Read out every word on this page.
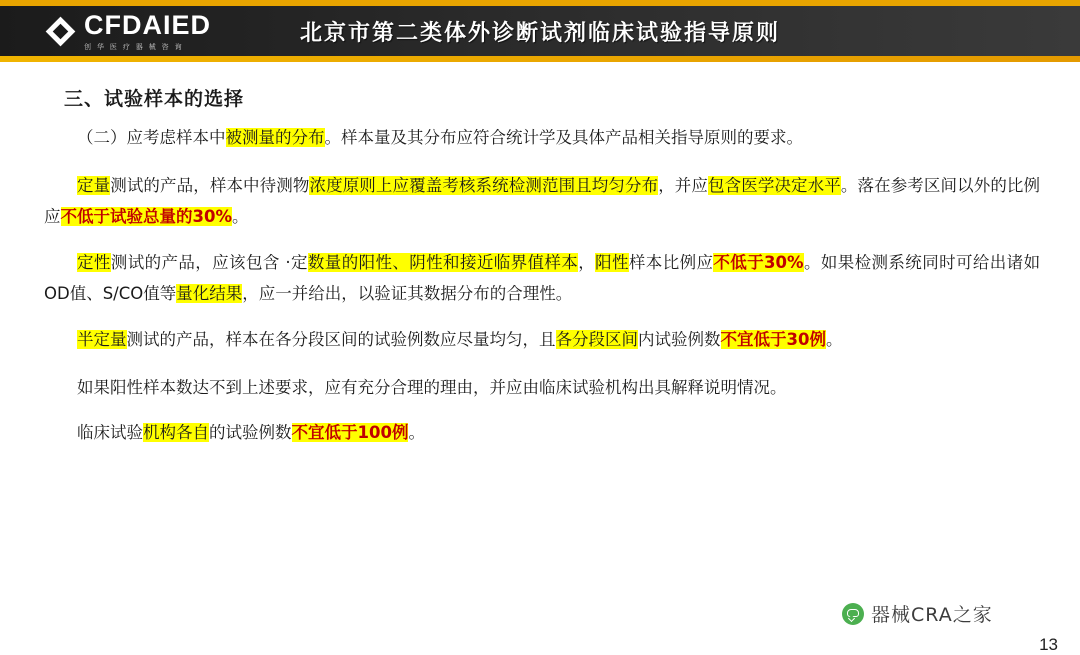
CFDAIED
创 华 医 疗 器 械 咨 询
北京市第二类体外诊断试剂临床试验指导原则
三、试验样本的选择
（二）应考虑样本中被测量的分布。样本量及其分布应符合统计学及具体产品相关指导原则的要求。
定量测试的产品，样本中待测物浓度原则上应覆盖考核系统检测范围且均匀分布，并应包含医学决定水平。落在参考区间以外的比例应不低于试验总量的30%。
定性测试的产品，应该包含 ·定数量的阳性、阴性和接近临界值样本，阳性样本比例应不低于30%。如果检测系统同时可给出诸如OD值、S/CO值等量化结果，应一并给出，以验证其数据分布的合理性。
半定量测试的产品，样本在各分段区间的试验例数应尽量均匀，且各分段区间内试验例数不宜低于30例。
如果阳性样本数达不到上述要求，应有充分合理的理由，并应由临床试验机构出具解释说明情况。
临床试验机构各自的试验例数不宜低于100例。
器械CRA之家
13
